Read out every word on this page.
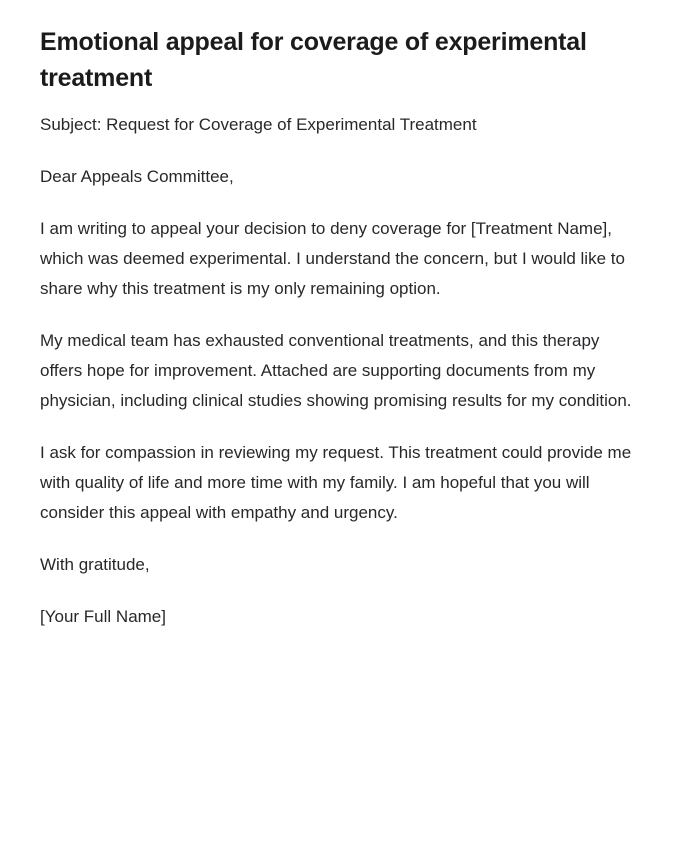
Emotional appeal for coverage of experimental treatment

Subject: Request for Coverage of Experimental Treatment

Dear Appeals Committee,

I am writing to appeal your decision to deny coverage for [Treatment Name], which was deemed experimental. I understand the concern, but I would like to share why this treatment is my only remaining option.

My medical team has exhausted conventional treatments, and this therapy offers hope for improvement. Attached are supporting documents from my physician, including clinical studies showing promising results for my condition.

I ask for compassion in reviewing my request. This treatment could provide me with quality of life and more time with my family. I am hopeful that you will consider this appeal with empathy and urgency.

With gratitude,

[Your Full Name]
